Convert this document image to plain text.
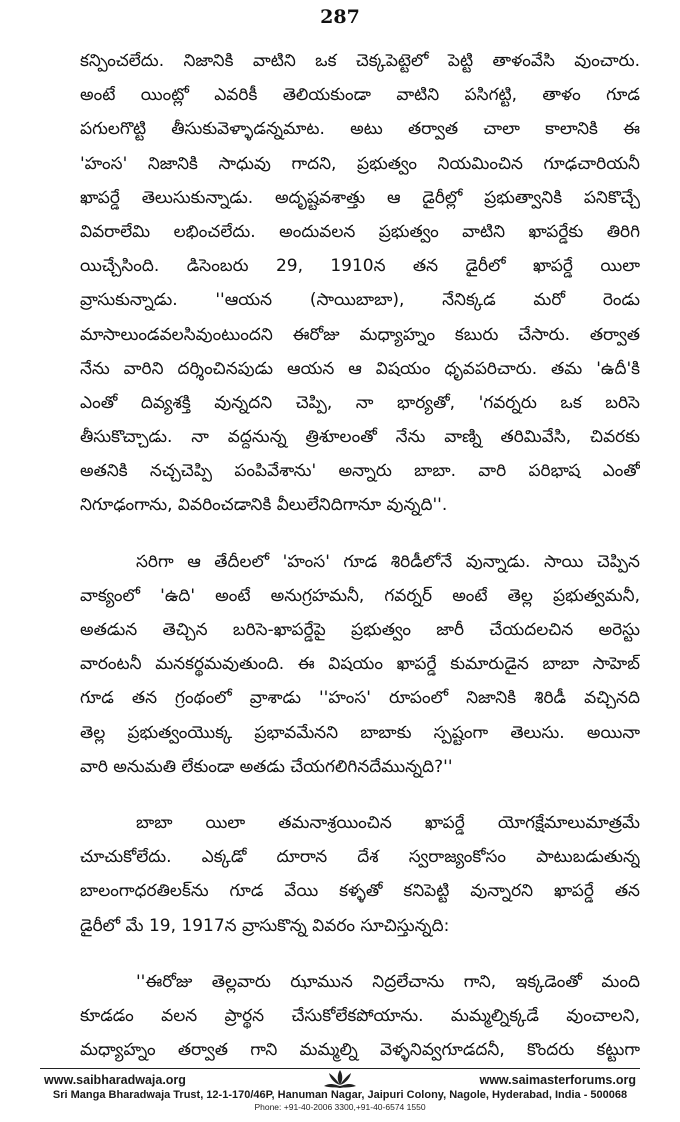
287
కన్పించలేదు. నిజానికి వాటిని ఒక చెక్కపెట్టెలో పెట్టి తాళంవేసి వుంచారు.
అంటే యింట్లో ఎవరికీ తెలియకుండా వాటిని పసిగట్టి, తాళం గూడ
పగులగొట్టి తీసుకువెళ్ళాడన్నమాట. అటు తర్వాత చాలా కాలానికి ఈ
'హంస' నిజానికి సాధువు గాదని, ప్రభుత్వం నియమించిన గూఢచారియనీ
ఖాపర్డే తెలుసుకున్నాడు. అదృష్టవశాత్తు ఆ డైరీల్లో ప్రభుత్వానికి పనికొచ్చే
వివరాలేమి లభించలేదు. అందువలన ప్రభుత్వం వాటిని ఖాపర్డేకు తిరిగి
యిచ్చేసింది. డిసెంబరు 29, 1910న తన డైరీలో ఖాపర్డే యిలా
వ్రాసుకున్నాడు. ''ఆయన (సాయిబాబా), నేనిక్కడ మరో రెండు
మాసాలుండవలసివుంటుందని ఈరోజు మధ్యాహ్నం కబురు చేసారు. తర్వాత
నేను వారిని దర్శించినపుడు ఆయన ఆ విషయం ధృవపరిచారు. తమ 'ఉదీ'కి
ఎంతో దివ్యశక్తి వున్నదని చెప్పి, నా భార్యతో, 'గవర్నరు ఒక బరిసె
తీసుకొచ్చాడు. నా వద్దనున్న త్రిశూలంతో నేను వాణ్ని తరిమివేసి, చివరకు
అతనికి నచ్చచెప్పి పంపివేశాను' అన్నారు బాబా. వారి పరిభాష ఎంతో
నిగూఢంగాను, వివరించడానికి వీలులేనిదిగానూ వున్నది''.
సరిగా ఆ తేదీలలో 'హంస' గూడ శిరిడీలోనే వున్నాడు. సాయి చెప్పిన
వాక్యంలో 'ఉది' అంటే అనుగ్రహమనీ, గవర్నర్ అంటే తెల్ల ప్రభుత్వమనీ,
అతడున తెచ్చిన బరిసె-ఖాపర్డేపై ప్రభుత్వం జారీ చేయదలచిన అరెస్టు
వారంటనీ మనకర్థమవుతుంది. ఈ విషయం ఖాపర్డే కుమారుడైన బాబా సాహెబ్
గూడ తన గ్రంథంలో వ్రాశాడు ''హంస' రూపంలో నిజానికి శిరిడీ వచ్చినది
తెల్ల ప్రభుత్వంయొక్క ప్రభావమేనని బాబాకు స్పష్టంగా తెలుసు. అయినా
వారి అనుమతి లేకుండా అతడు చేయగలిగినదేమున్నది?''
బాబా యిలా తమనాశ్రయించిన ఖాపర్డే యోగక్షేమాలుమాత్రమే
చూచుకోలేదు. ఎక్కడో దూరాన దేశ స్వరాజ్యంకోసం పాటుబడుతున్న
బాలంగాధరతిలక్‌ను గూడ వేయి కళ్ళతో కనిపెట్టి వున్నారని ఖాపర్డే తన
డైరీలో మే 19, 1917న వ్రాసుకొన్న వివరం సూచిస్తున్నది:
''ఈరోజు తెల్లవారు ఝామున నిద్రలేచాను గాని, ఇక్కడెంతో మంది
కూడడం వలన ప్రార్థన చేసుకోలేకపోయాను. మమ్మల్నిక్కడే వుంచాలని,
మధ్యాహ్నం తర్వాత గాని మమ్మల్ని వెళ్ళనివ్వగూడదనీ, కొందరు కట్టుగా
www.saibharadwaja.org	www.saimasterforums.org
Sri Manga Bharadwaja Trust, 12-1-170/46P, Hanuman Nagar, Jaipuri Colony, Nagole, Hyderabad, India - 500068
Phone: +91-40-2006 3300,+91-40-6574 1550
